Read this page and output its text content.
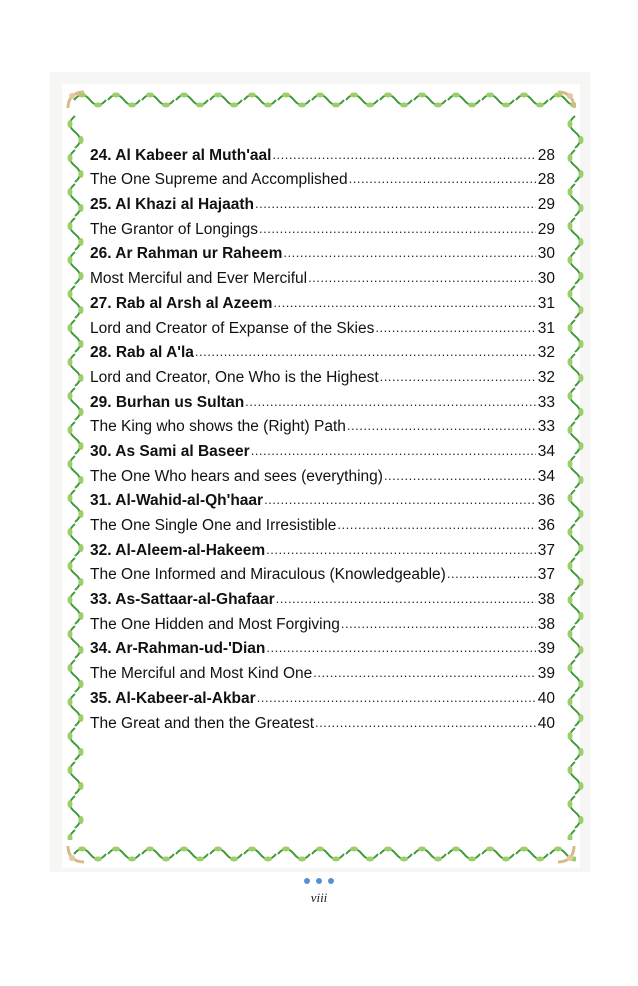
24. Al Kabeer al Muth'aal .....	28
The One Supreme and Accomplished .....	28
25. Al Khazi al Hajaath .....	29
The Grantor of Longings .....	29
26. Ar Rahman ur Raheem .....	30
Most Merciful and Ever Merciful .....	30
27. Rab al Arsh al Azeem .....	31
Lord and Creator of Expanse of the Skies .....	31
28. Rab al A'la .....	32
Lord and Creator, One Who is the Highest .....	32
29. Burhan us Sultan .....	33
The King who shows the (Right) Path .....	33
30. As Sami al Baseer .....	34
The One Who hears and sees (everything) .....	34
31. Al-Wahid-al-Qh'haar .....	36
The One Single One and Irresistible .....	36
32. Al-Aleem-al-Hakeem .....	37
The One Informed and Miraculous (Knowledgeable) .....	37
33. As-Sattaar-al-Ghafaar .....	38
The One Hidden and Most Forgiving .....	38
34. Ar-Rahman-ud-'Dian .....	39
The Merciful and Most Kind One .....	39
35. Al-Kabeer-al-Akbar .....	40
The Great and then the Greatest .....	40
viii
